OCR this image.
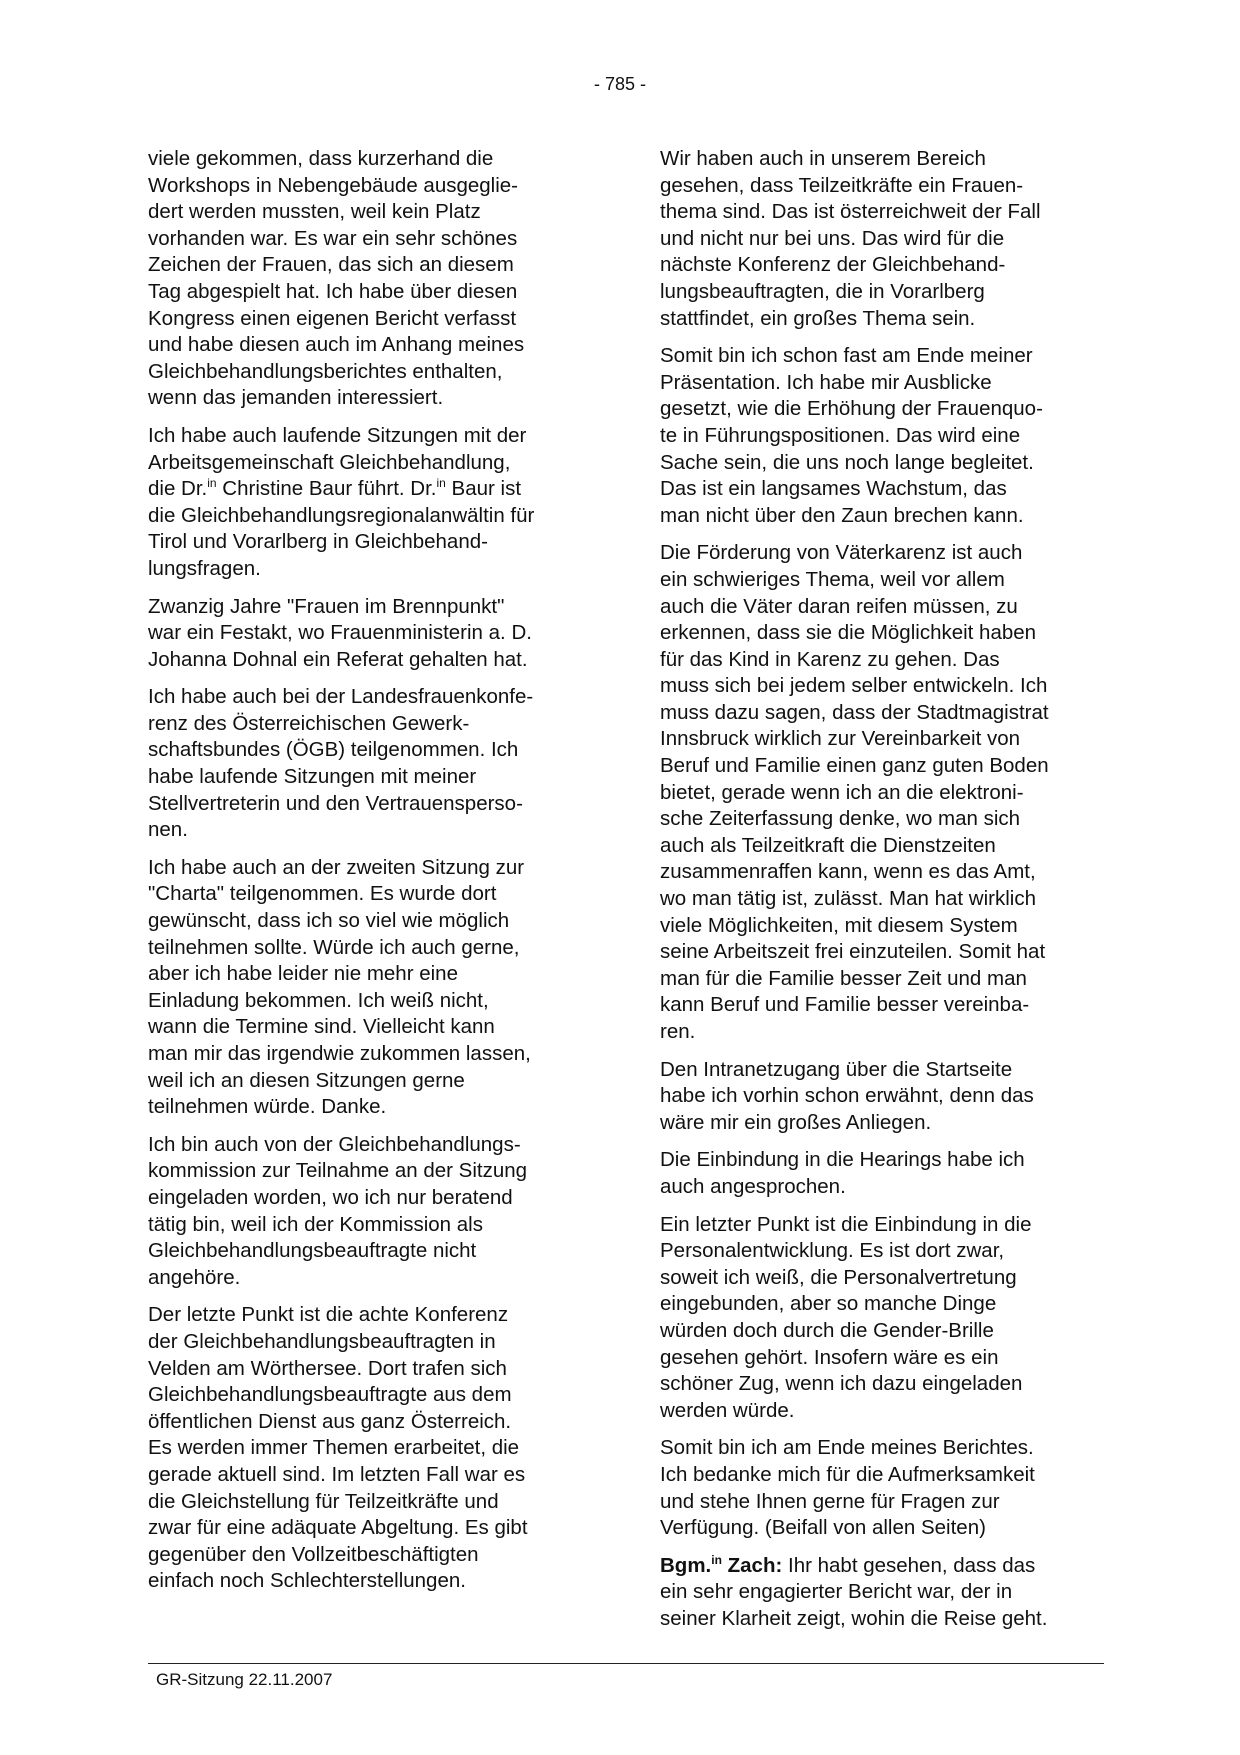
- 785 -

viele gekommen, dass kurzerhand die
Workshops in Nebengebäude ausgeglie-
dert werden mussten, weil kein Platz
vorhanden war. Es war ein sehr schönes
Zeichen der Frauen, das sich an diesem
Tag abgespielt hat. Ich habe über diesen
Kongress einen eigenen Bericht verfasst
und habe diesen auch im Anhang meines
Gleichbehandlungsberichtes enthalten,
wenn das jemanden interessiert.

Ich habe auch laufende Sitzungen mit der
Arbeitsgemeinschaft Gleichbehandlung,
die Dr.$^{in}$ Christine Baur führt. Dr.$^{in}$ Baur ist
die Gleichbehandlungsregionalanwältin für
Tirol und Vorarlberg in Gleichbehand-
lungsfragen.

Zwanzig Jahre "Frauen im Brennpunkt"
war ein Festakt, wo Frauenministerin a. D.
Johanna Dohnal ein Referat gehalten hat.

Ich habe auch bei der Landesfrauenkonfe-
renz des Österreichischen Gewerk-
schaftsbundes (ÖGB) teilgenommen. Ich
habe laufende Sitzungen mit meiner
Stellvertreterin und den Vertrauensperso-
nen.

Ich habe auch an der zweiten Sitzung zur
"Charta" teilgenommen. Es wurde dort
gewünscht, dass ich so viel wie möglich
teilnehmen sollte. Würde ich auch gerne,
aber ich habe leider nie mehr eine
Einladung bekommen. Ich weiß nicht,
wann die Termine sind. Vielleicht kann
man mir das irgendwie zukommen lassen,
weil ich an diesen Sitzungen gerne
teilnehmen würde. Danke.

Ich bin auch von der Gleichbehandlungs-
kommission zur Teilnahme an der Sitzung
eingeladen worden, wo ich nur beratend
tätig bin, weil ich der Kommission als
Gleichbehandlungsbeauftragte nicht
angehöre.

Der letzte Punkt ist die achte Konferenz
der Gleichbehandlungsbeauftragten in
Velden am Wörthersee. Dort trafen sich
Gleichbehandlungsbeauftragte aus dem
öffentlichen Dienst aus ganz Österreich.
Es werden immer Themen erarbeitet, die
gerade aktuell sind. Im letzten Fall war es
die Gleichstellung für Teilzeitkräfte und
zwar für eine adäquate Abgeltung. Es gibt
gegenüber den Vollzeitbeschäftigten
einfach noch Schlechterstellungen.

Wir haben auch in unserem Bereich
gesehen, dass Teilzeitkräfte ein Frauen-
thema sind. Das ist österreichweit der Fall
und nicht nur bei uns. Das wird für die
nächste Konferenz der Gleichbehand-
lungsbeauftragten, die in Vorarlberg
stattfindet, ein großes Thema sein.

Somit bin ich schon fast am Ende meiner
Präsentation. Ich habe mir Ausblicke
gesetzt, wie die Erhöhung der Frauenquo-
te in Führungspositionen. Das wird eine
Sache sein, die uns noch lange begleitet.
Das ist ein langsames Wachstum, das
man nicht über den Zaun brechen kann.

Die Förderung von Väterkarenz ist auch
ein schwieriges Thema, weil vor allem
auch die Väter daran reifen müssen, zu
erkennen, dass sie die Möglichkeit haben
für das Kind in Karenz zu gehen. Das
muss sich bei jedem selber entwickeln. Ich
muss dazu sagen, dass der Stadtmagistrat
Innsbruck wirklich zur Vereinbarkeit von
Beruf und Familie einen ganz guten Boden
bietet, gerade wenn ich an die elektroni-
sche Zeiterfassung denke, wo man sich
auch als Teilzeitkraft die Dienstzeiten
zusammenraffen kann, wenn es das Amt,
wo man tätig ist, zulässt. Man hat wirklich
viele Möglichkeiten, mit diesem System
seine Arbeitszeit frei einzuteilen. Somit hat
man für die Familie besser Zeit und man
kann Beruf und Familie besser vereinba-
ren.

Den Intranetzugang über die Startseite
habe ich vorhin schon erwähnt, denn das
wäre mir ein großes Anliegen.

Die Einbindung in die Hearings habe ich
auch angesprochen.

Ein letzter Punkt ist die Einbindung in die
Personalentwicklung. Es ist dort zwar,
soweit ich weiß, die Personalvertretung
eingebunden, aber so manche Dinge
würden doch durch die Gender-Brille
gesehen gehört. Insofern wäre es ein
schöner Zug, wenn ich dazu eingeladen
werden würde.

Somit bin ich am Ende meines Berichtes.
Ich bedanke mich für die Aufmerksamkeit
und stehe Ihnen gerne für Fragen zur
Verfügung. (Beifall von allen Seiten)

Bgm.$^{in}$ Zach: Ihr habt gesehen, dass das
ein sehr engagierter Bericht war, der in
seiner Klarheit zeigt, wohin die Reise geht.

GR-Sitzung 22.11.2007
